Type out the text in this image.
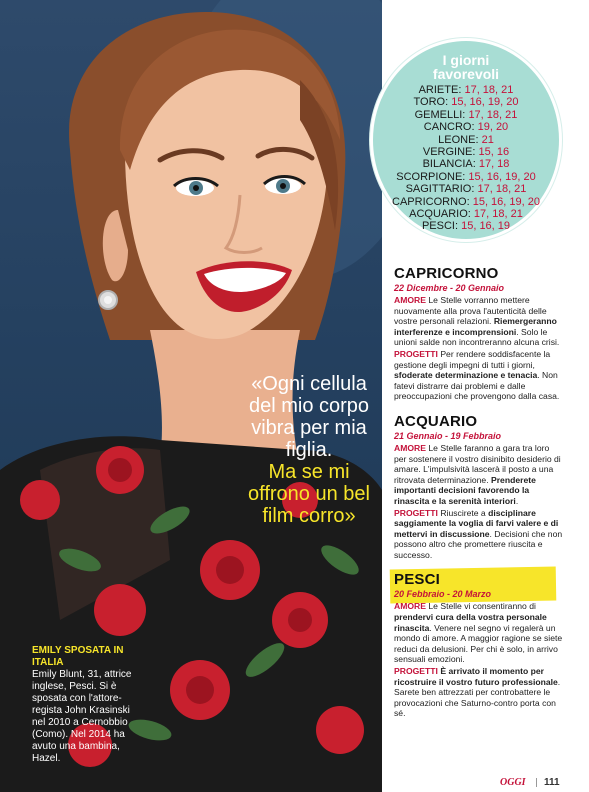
«Ogni cellula del mio corpo vibra per mia figlia.
Ma se mi offrono un bel film corro»
EMILY SPOSATA IN ITALIA
Emily Blunt, 31, attrice inglese, Pesci. Si è sposata con l'attore-regista John Krasinski nel 2010 a Cernobbio (Como). Nel 2014 ha avuto una bambina, Hazel.
I giorni
favorevoli
ARIETE: 17, 18, 21
TORO: 15, 16, 19, 20
GEMELLI: 17, 18, 21
CANCRO: 19, 20
LEONE: 21
VERGINE: 15, 16
BILANCIA: 17, 18
SCORPIONE: 15, 16, 19, 20
SAGITTARIO: 17, 18, 21
CAPRICORNO: 15, 16, 19, 20
ACQUARIO: 17, 18, 21
PESCI: 15, 16, 19
CAPRICORNO
22 Dicembre - 20 Gennaio
AMORE Le Stelle vorranno mettere nuovamente alla prova l'autenticità delle vostre personali relazioni. Riemergeranno interferenze e incomprensioni. Solo le unioni salde non incontreranno alcuna crisi.
PROGETTI Per rendere soddisfacente la gestione degli impegni di tutti i giorni, sfoderate determinazione e tenacia. Non fatevi distrarre dai problemi e dalle preoccupazioni che provengono dalla casa.
ACQUARIO
21 Gennaio - 19 Febbraio
AMORE Le Stelle faranno a gara tra loro per sostenere il vostro disinibito desiderio di amare. L'impulsività lascerà il posto a una ritrovata determinazione. Prenderete importanti decisioni favorendo la rinascita e la serenità interiori.
PROGETTI Riuscirete a disciplinare saggiamente la voglia di farvi valere e di mettervi in discussione. Decisioni che non possono altro che promettere riuscita e successo.
PESCI
20 Febbraio - 20 Marzo
AMORE Le Stelle vi consentiranno di prendervi cura della vostra personale rinascita. Venere nel segno vi regalerà un mondo di amore. A maggior ragione se siete reduci da delusioni. Per chi è solo, in arrivo sensuali emozioni.
PROGETTI È arrivato il momento per ricostruire il vostro futuro professionale. Sarete ben attrezzati per controbattere le provocazioni che Saturno-contro porta con sé.
OGGI 111
